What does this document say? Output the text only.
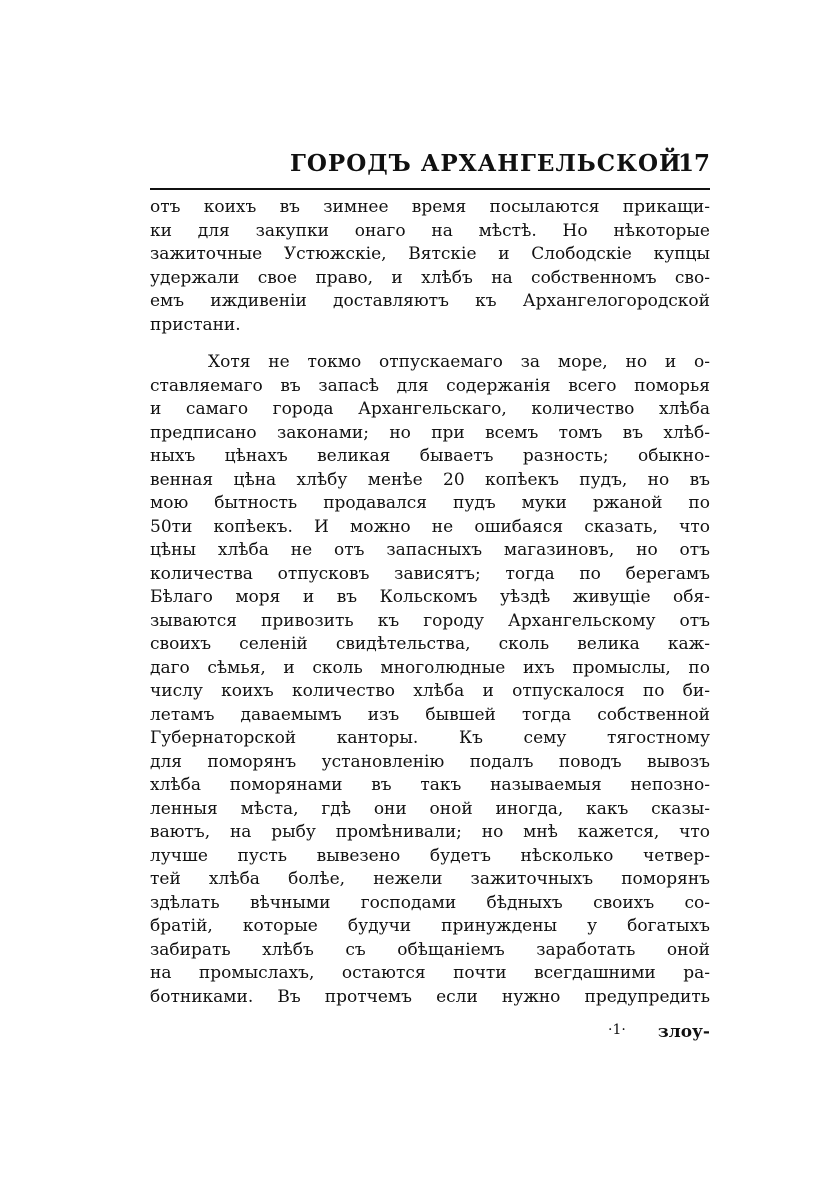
ГОРОДЪ АРХАНГЕЛЬСКОЙ
17
отъ коихъ въ зимнее время посылаются прикащи-
ки для закупки онаго на мѣстѣ. Но нѣкоторые
зажиточные Устюжскіе, Вятскіе и Слободскіе купцы
удержали свое право, и хлѣбъ на собственномъ сво-
емъ иждивеніи доставляютъ къ Архангелогородской
пристани.
Хотя не токмо отпускаемаго за море, но и о-
ставляемаго въ запасѣ для содержанія всего поморья
и самаго города Архангельскаго, количество хлѣба
предписано законами; но при всемъ томъ въ хлѣб-
ныхъ цѣнахъ великая бываетъ разность; обыкно-
венная цѣна хлѣбу менѣе 20 копѣекъ пудъ, но въ
мою бытность продавался пудъ муки ржаной по
50ти копѣекъ. И можно не ошибаяся сказать, что
цѣны хлѣба не отъ запасныхъ магазиновъ, но отъ
количества отпусковъ зависятъ; тогда по берегамъ
Бѣлаго моря и въ Кольскомъ уѣздѣ живущіе обя-
зываются привозить къ городу Архангельскому отъ
своихъ селеній свидѣтельства, сколь велика каж-
даго сѣмья, и сколь многолюдные ихъ промыслы, по
числу коихъ количество хлѣба и отпускалося по би-
летамъ даваемымъ изъ бывшей тогда собственной
Губернаторской канторы. Къ сему тягостному
для поморянъ установленію подалъ поводъ вывозъ
хлѣба поморянами въ такъ называемыя непознo-
ленныя мѣста, гдѣ они оной иногда, какъ сказы-
ваютъ, на рыбу промѣнивали; но мнѣ кажется, что
лучше пусть вывезено будетъ нѣсколько четвер-
тей хлѣба болѣе, нежели зажиточныхъ поморянъ
здѣлать вѣчными господами бѣдныхъ своихъ со-
братій, которые будучи принуждены у богатыхъ
забирать хлѣбъ съ обѣщаніемъ заработать оной
на промыслахъ, остаются почти всегдашними ра-
ботниками. Въ протчемъ если нужно предупредить
·1· злоу-
